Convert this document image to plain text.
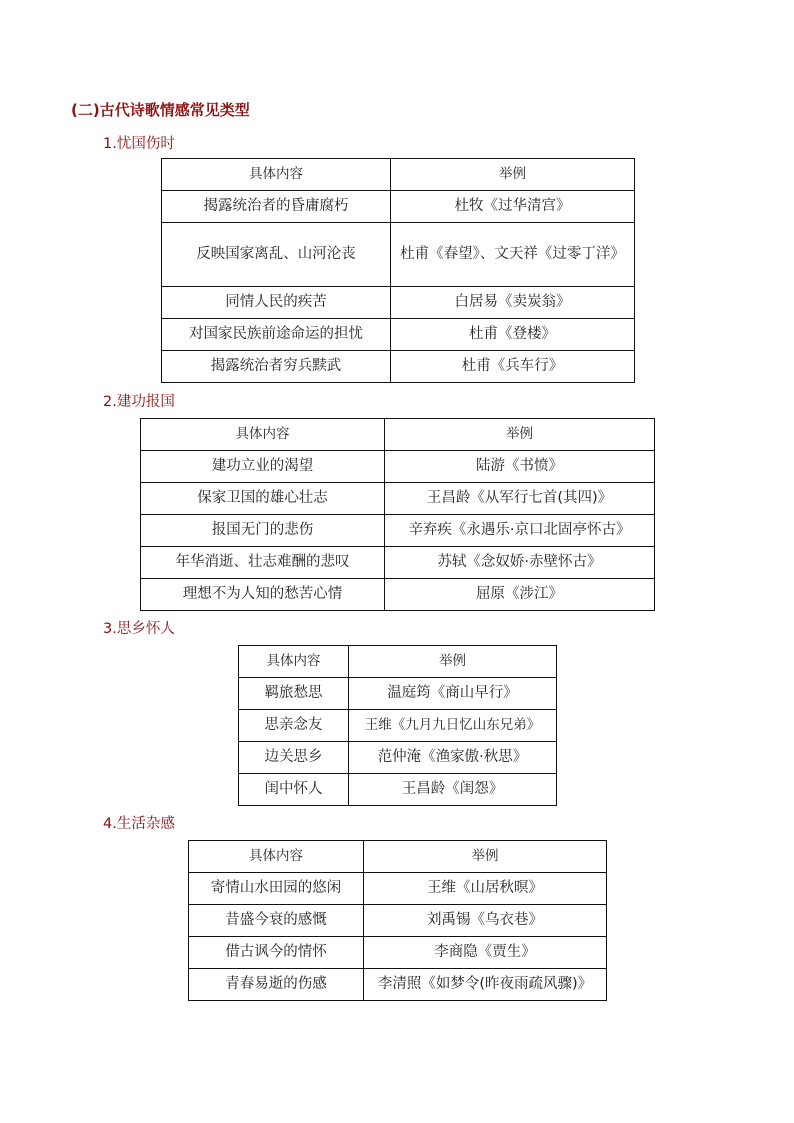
(二)古代诗歌情感常见类型
1.忧国伤时
具体内容	举例
揭露统治者的昏庸腐朽	杜牧《过华清宫》
反映国家离乱、山河沦丧	杜甫《春望》、文天祥《过零丁洋》
同情人民的疾苦	白居易《卖炭翁》
对国家民族前途命运的担忧	杜甫《登楼》
揭露统治者穷兵黩武	杜甫《兵车行》
2.建功报国
具体内容	举例
建功立业的渴望	陆游《书愤》
保家卫国的雄心壮志	王昌龄《从军行七首(其四)》
报国无门的悲伤	辛弃疾《永遇乐·京口北固亭怀古》
年华消逝、壮志难酬的悲叹	苏轼《念奴娇·赤壁怀古》
理想不为人知的愁苦心情	屈原《涉江》
3.思乡怀人
具体内容	举例
羁旅愁思	温庭筠《商山早行》
思亲念友	王维《九月九日忆山东兄弟》
边关思乡	范仲淹《渔家傲·秋思》
闺中怀人	王昌龄《闺怨》
4.生活杂感
具体内容	举例
寄情山水田园的悠闲	王维《山居秋暝》
昔盛今衰的感慨	刘禹锡《乌衣巷》
借古讽今的情怀	李商隐《贾生》
青春易逝的伤感	李清照《如梦令(昨夜雨疏风骤)》
